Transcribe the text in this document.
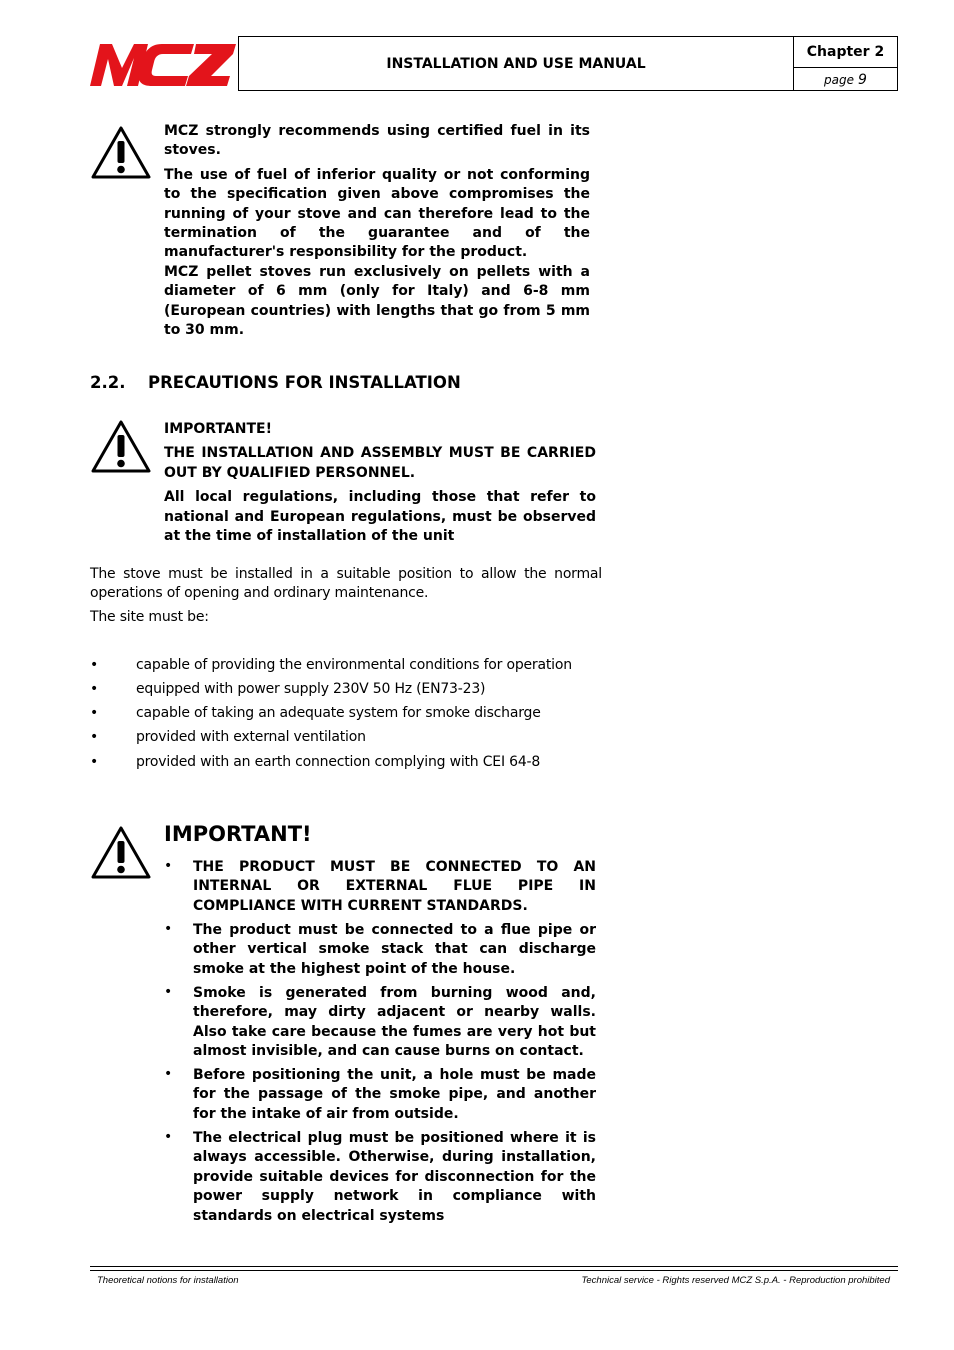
MCZ
INSTALLATION AND USE MANUAL
Chapter 2
page 9

MCZ strongly recommends using certified fuel in its stoves.

The use of fuel of inferior quality or not conforming to the specification given above compromises the running of your stove and can therefore lead to the termination of the guarantee and of the manufacturer's responsibility for the product.

MCZ pellet stoves run exclusively on pellets with a diameter of 6 mm (only for Italy) and 6-8 mm (European countries) with lengths that go from 5 mm to 30 mm.

2.2. PRECAUTIONS FOR INSTALLATION

IMPORTANTE!

THE INSTALLATION AND ASSEMBLY MUST BE CARRIED OUT BY QUALIFIED PERSONNEL.

All local regulations, including those that refer to national and European regulations, must be observed at the time of installation of the unit

The stove must be installed in a suitable position to allow the normal operations of opening and ordinary maintenance.

The site must be:

•	capable of providing the environmental conditions for operation
•	equipped with power supply 230V 50 Hz (EN73-23)
•	capable of taking an adequate system for smoke discharge
•	provided with external ventilation
•	provided with an earth connection complying with CEI 64-8
IMPORTANT!
• THE PRODUCT MUST BE CONNECTED TO AN INTERNAL OR EXTERNAL FLUE PIPE IN COMPLIANCE WITH CURRENT STANDARDS.
• The product must be connected to a flue pipe or other vertical smoke stack that can discharge smoke at the highest point of the house.
• Smoke is generated from burning wood and, therefore, may dirty adjacent or nearby walls. Also take care because the fumes are very hot but almost invisible, and can cause burns on contact.
• Before positioning the unit, a hole must be made for the passage of the smoke pipe, and another for the intake of air from outside.
• The electrical plug must be positioned where it is always accessible. Otherwise, during installation, provide suitable devices for disconnection for the power supply network in compliance with standards on electrical systems
Theoretical notions for installation	Technical service - Rights reserved MCZ S.p.A. - Reproduction prohibited
